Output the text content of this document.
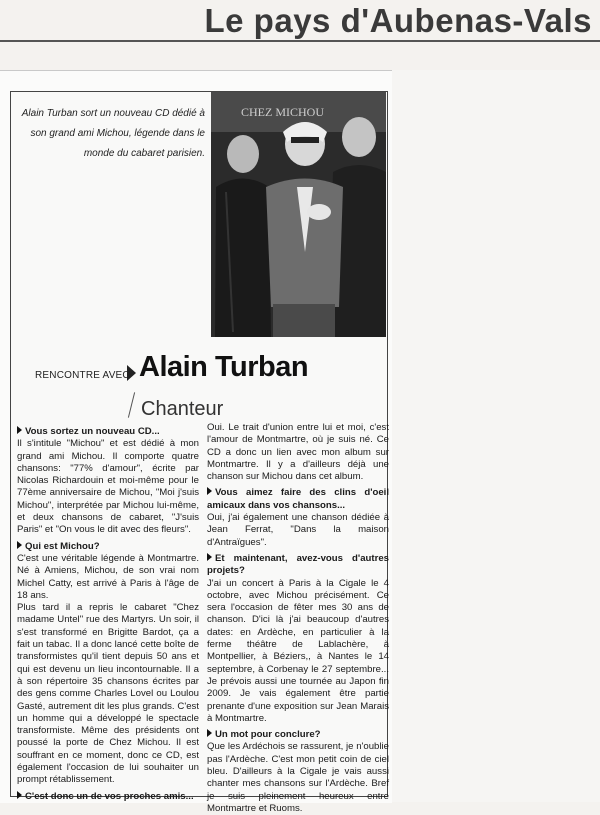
Le pays d'Aubenas-Vals
Alain Turban sort un nouveau CD dédié à
son grand ami Michou, légende dans le
monde du cabaret parisien.
CHEZ MICHOU
RENCONTRE AVEC Alain Turban
Chanteur
Vous sortez un nouveau CD...
Il s'intitule "Michou" et est dédié à mon grand ami Michou. Il comporte quatre chansons: "77% d'amour", écrite par Nicolas Richardouin et moi-même pour le 77ème anniversaire de Michou, "Moi j'suis Michou", interprétée par Michou lui-même, et deux chansons de cabaret, "J'suis Paris" et "On vous le dit avec des fleurs".
Qui est Michou?
C'est une véritable légende à Montmartre. Né à Amiens, Michou, de son vrai nom Michel Catty, est arrivé à Paris à l'âge de 18 ans.
Plus tard il a repris le cabaret "Chez madame Untel" rue des Martyrs. Un soir, il s'est transformé en Brigitte Bardot, ça a fait un tabac. Il a donc lancé cette boîte de transformistes qu'il tient depuis 50 ans et qui est devenu un lieu incontournable. Il a à son répertoire 35 chansons écrites par des gens comme Charles Lovel ou Loulou Gasté, autrement dit les plus grands. C'est un homme qui a développé le spectacle transformiste. Même des présidents ont poussé la porte de Chez Michou. Il est souffrant en ce moment, donc ce CD, est également l'occasion de lui souhaiter un prompt rétablissement.
C'est donc un de vos proches amis...
Oui. Le trait d'union entre lui et moi, c'est l'amour de Montmartre, où je suis né. Ce CD a donc un lien avec mon album sur Montmartre. Il y a d'ailleurs déjà une chanson sur Michou dans cet album.
Vous aimez faire des clins d'oeil amicaux dans vos chansons...
Oui, j'ai également une chanson dédiée à Jean Ferrat, "Dans la maison d'Antraïgues".
Et maintenant, avez-vous d'autres projets?
J'ai un concert à Paris à la Cigale le 4 octobre, avec Michou précisément. Ce sera l'occasion de fêter mes 30 ans de chanson. D'ici là j'ai beaucoup d'autres dates: en Ardèche, en particulier à la ferme théâtre de Lablachère, à Montpellier, à Béziers,, à Nantes le 14 septembre, à Corbenay le 27 septembre... Je prévois aussi une tournée au Japon fin 2009. Je vais également être partie prenante d'une exposition sur Jean Marais à Montmartre.
Un mot pour conclure?
Que les Ardéchois se rassurent, je n'oublie pas l'Ardèche. C'est mon petit coin de ciel bleu. D'ailleurs à la Cigale je vais aussi chanter mes chansons sur l'Ardèche. Bref je suis pleinement heureux entre Montmartre et Ruoms.
